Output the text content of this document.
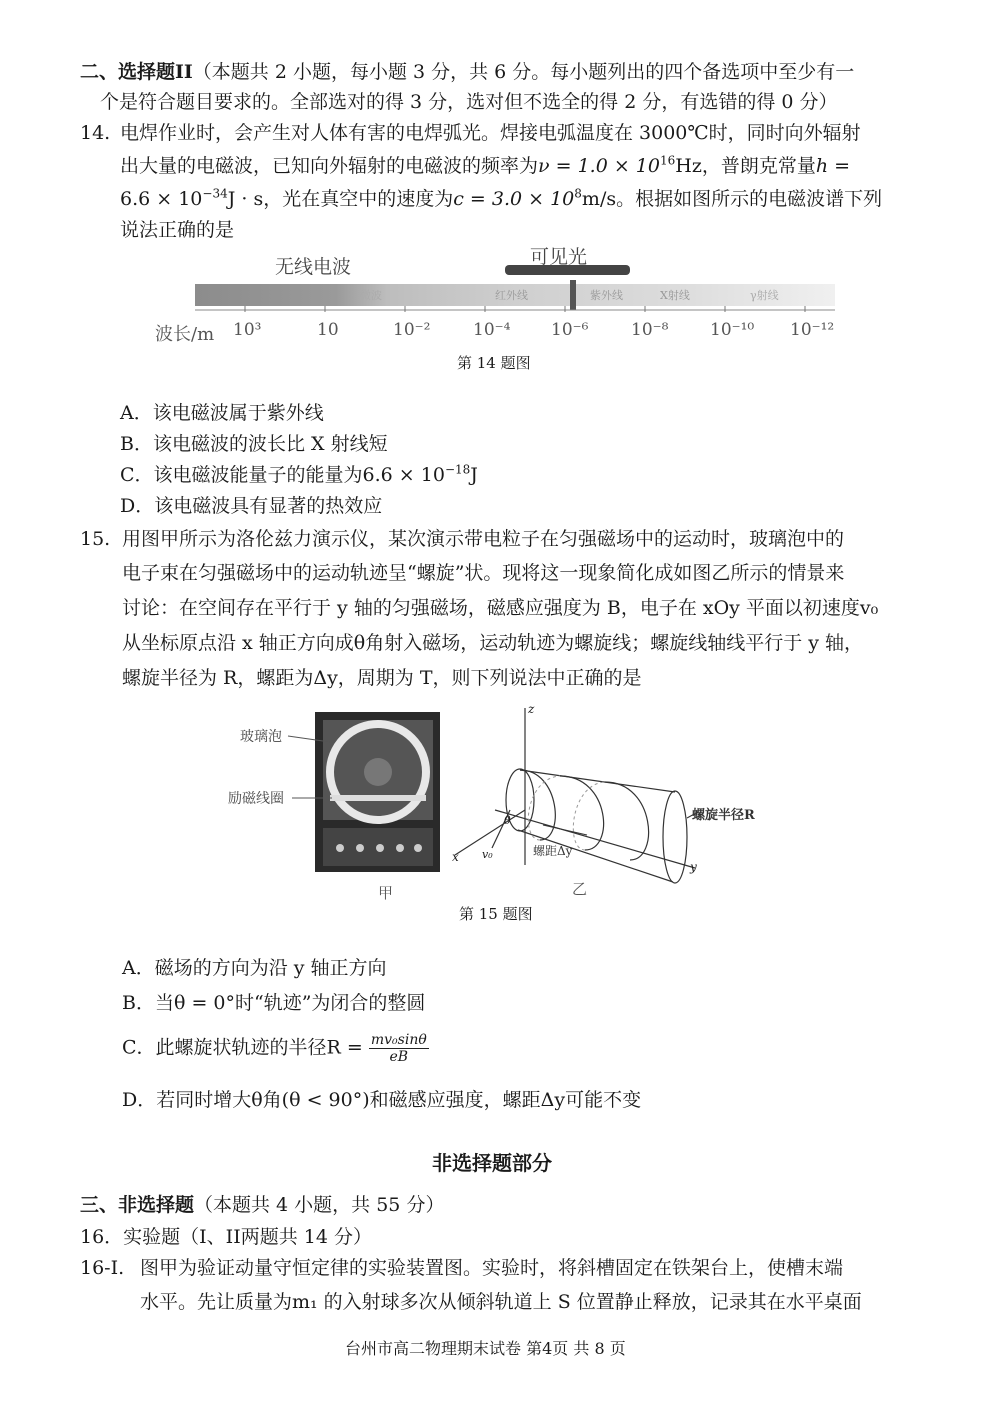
二、选择题II（本题共 2 小题，每小题 3 分，共 6 分。每小题列出的四个备选项中至少有一
个是符合题目要求的。全部选对的得 3 分，选对但不选全的得 2 分，有选错的得 0 分）
14. 电焊作业时，会产生对人体有害的电焊弧光。焊接电弧温度在 3000℃时，同时向外辐射
出大量的电磁波，已知向外辐射的电磁波的频率为$\nu = 1.0 \times 10^{16}Hz$，普朗克常量h =
$6.6 \times 10^{-34}J \cdot s$，光在真空中的速度为$c = 3.0 \times 10^8m/s$。根据如图所示的电磁波谱下列
说法正确的是
无线电波	可见光
微波	红外线	紫外线	X射线	γ射线
波长/m 10³	10	10⁻²	10⁻⁴ 10⁻⁶	10⁻⁸ 10⁻¹⁰ 10⁻¹²
第 14 题图
A．该电磁波属于紫外线
B．该电磁波的波长比 X 射线短
C．该电磁波能量子的能量为$6.6 \times 10^{-18}J$
D．该电磁波具有显著的热效应
15. 用图甲所示为洛伦兹力演示仪，某次演示带电粒子在匀强磁场中的运动时，玻璃泡中的
电子束在匀强磁场中的运动轨迹呈“螺旋”状。现将这一现象简化成如图乙所示的情景来
讨论：在空间存在平行于 y 轴的匀强磁场，磁感应强度为 B，电子在 xOy 平面以初速度v₀
从坐标原点沿 x 轴正方向成θ角射入磁场，运动轨迹为螺旋线；螺旋线轴线平行于 y 轴，
螺旋半径为 R，螺距为Δy，周期为 T，则下列说法中正确的是
玻璃泡
励磁线圈
甲	乙
螺旋半径R
螺距Δy
x
y
z
v₀
θ
第 15 题图
A．磁场的方向为沿 y 轴正方向
B．当θ = 0°时“轨迹”为闭合的整圆
C．此螺旋状轨迹的半径$R = \frac{\text{mv₀sinθ}}{eB}$
D．若同时增大θ角(θ < 90°)和磁感应强度，螺距Δy可能不变
非选择题部分
三、非选择题（本题共 4 小题，共 55 分）
16．实验题（I、II两题共 14 分）
16-I. 图甲为验证动量守恒定律的实验装置图。实验时，将斜槽固定在铁架台上，使槽末端
水平。先让质量为m₁ 的入射球多次从倾斜轨道上 S 位置静止释放，记录其在水平桌面
台州市高二物理期末试卷 第4页 共 8 页
